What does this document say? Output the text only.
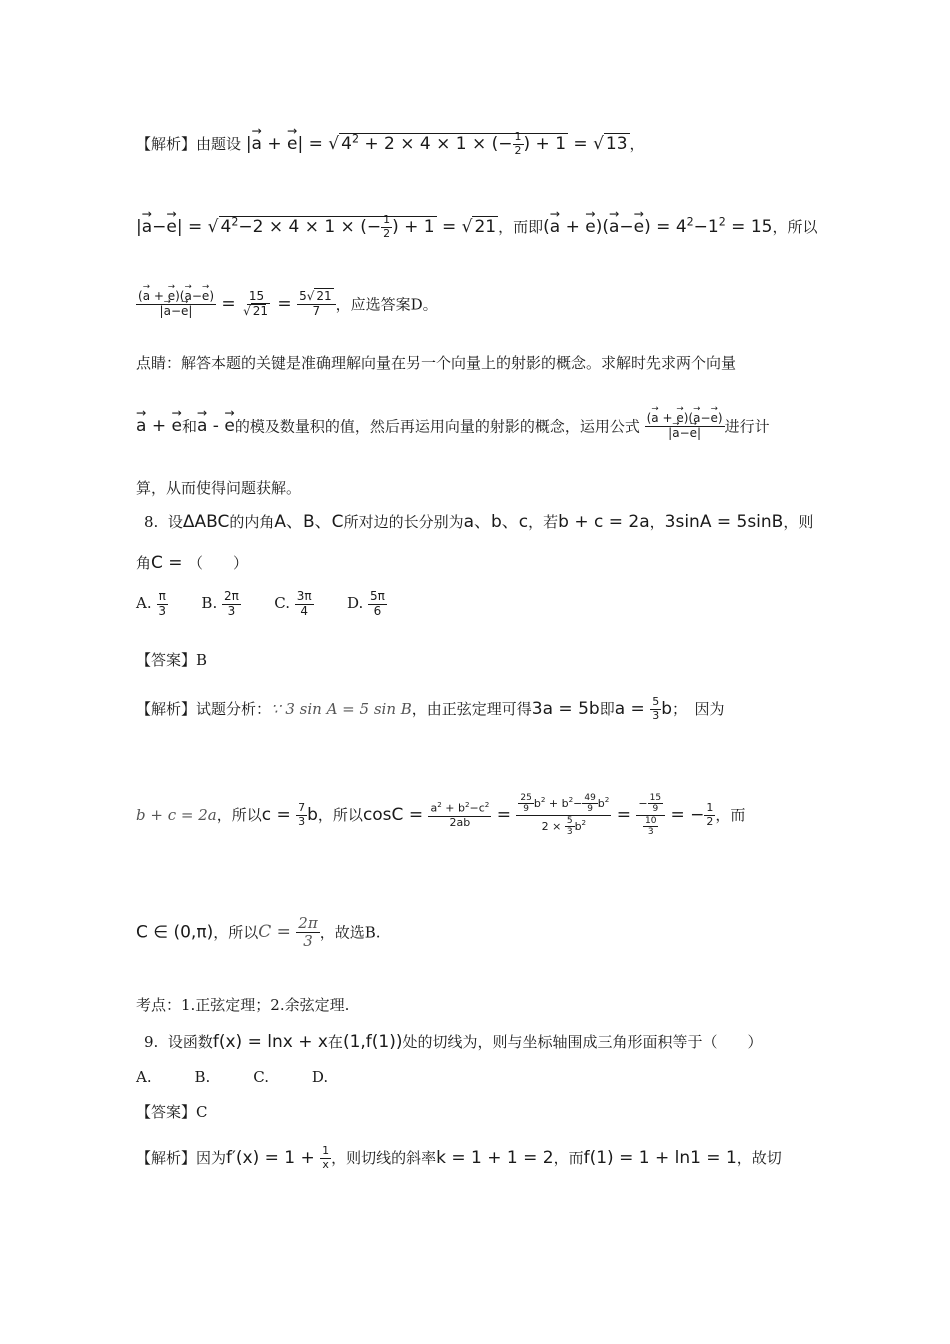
【解析】由题设 |→ a + → e| = √ $4^2 + 2 \times 4 \times 1$ × (− $\frac{1}{2}$ ) + 1 = √ 13 ，
|→ a−→ e| = √ $4^2-2 \times 4 \times 1$ × (− $\frac{1}{2}$ ) + 1 = √ 21 ，而即(→ a + → $e)(\to a-\to e) = 4^2-1^2 = 15$，所以
$\frac{(\to a + \to e)(\to a-\to e)}{|\to a-\to e|} = \frac{15}{√ 21} = \frac{5√ 21}{7}$ ，应选答案D。
点睛：解答本题的关键是准确理解向量在另一个向量上的射影的概念。求解时先求两个向量
→ a + → e和→ a - → e的模及数量积的值，然后再运用向量的射影的概念，运用公式 $\frac{(\to a + \to e)(\to a-\to e)}{|\to a-\to e|}$ 进行计
算，从而使得问题获解。
8. 设ΔABC的内角A、B、C所对边的长分别为a、b、c，若b + c = 2a，3sinA = 5sinB，则
角C = （　　）
A. $\frac{\pi}{3} B$. $\frac{2\pi}{3} C$. $\frac{3\pi}{4} D$. $\frac{5\pi}{6}$
【答案】B
【解析】试题分析：∵ 3 sin A = 5 sin B，由正弦定理可得3a = 5b即$a = \frac{5}{3}$ b；　因为
b + c = 2a，所以$c = \frac{7}{3}$ b，所以$\cos C = \frac{a^2 + b^2-c^2}{2ab} = \frac{\frac{25}{9} b^2 + b^2- \frac{49}{9} b^2}{2 \times \frac{5}{3} b^2} = \frac{- \frac{15}{9}}{\frac{10}{3}}$ = − $\frac{1}{2}$ ，而
C ∈ (0,π)，所以$C = \frac{2\pi}{3}$ ，故选B.
考点：1.正弦定理；2.余弦定理.
9. 设函数f(x) = lnx + x在(1,f(1))处的切线为，则与坐标轴围成三角形面积等于（　　）
A.	B.	C.	D.
【答案】C
【解析】因为$f'(x) = 1 + \frac{1}{x}$ ，则切线的斜率k = 1 + 1 = 2，而f(1) = 1 + ln1 = 1，故切
